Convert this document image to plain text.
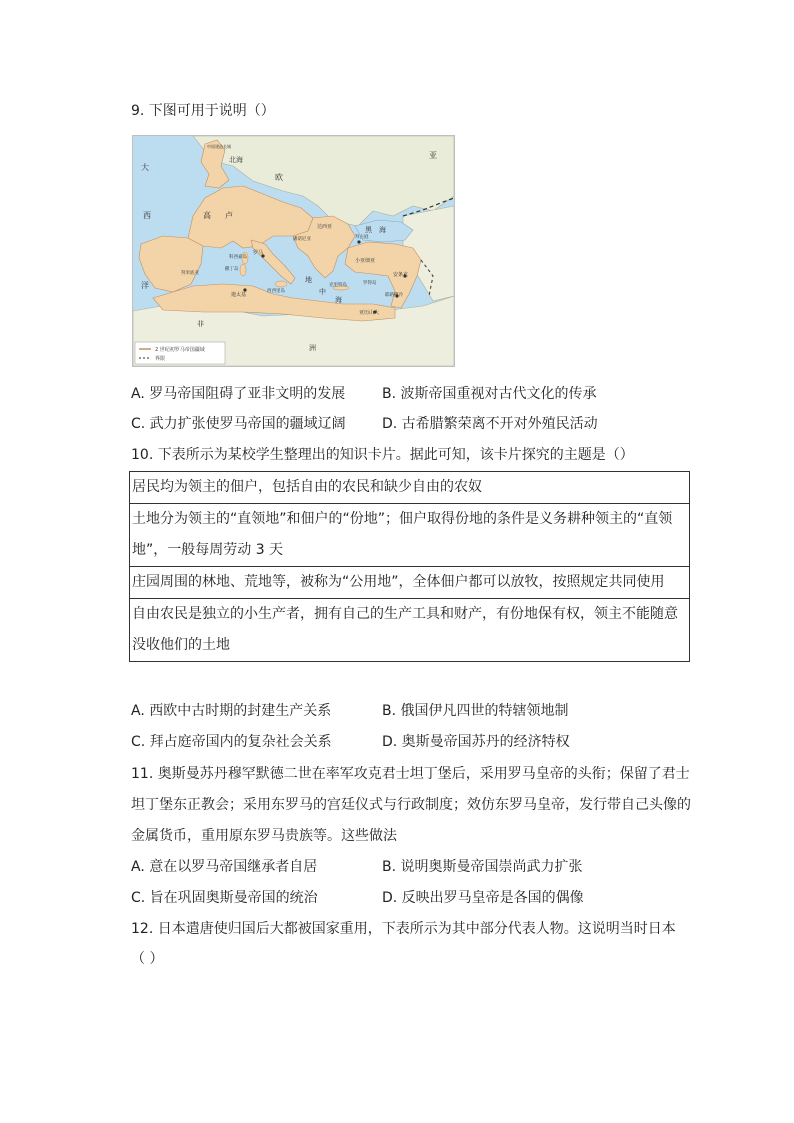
9. 下图可用于说明（）
中国建造长城
北海
大
西
洋
欧
高 卢
亚
黑 海
地
中
海
非
洲
罗马
迦太基
达西亚
小亚细亚
亚历山大
安条克
耶路撒冷
拜占庭
西西里岛
撒丁岛
科西嘉岛
罗得岛
克里特岛
努米底亚
潘诺尼亚
2 世纪初罗马帝国疆域
界限
A. 罗马帝国阻碍了亚非文明的发展	B. 波斯帝国重视对古代文化的传承
C. 武力扩张使罗马帝国的疆域辽阔	D. 古希腊繁荣离不开对外殖民活动
10. 下表所示为某校学生整理出的知识卡片。据此可知，该卡片探究的主题是（）
居民均为领主的佃户，包括自由的农民和缺少自由的农奴
土地分为领主的“直领地”和佃户的“份地”；佃户取得份地的条件是义务耕种领主的“直领地”，一般每周劳动 3 天
庄园周围的林地、荒地等，被称为“公用地”，全体佃户都可以放牧，按照规定共同使用
自由农民是独立的小生产者，拥有自己的生产工具和财产，有份地保有权，领主不能随意没收他们的土地
A. 西欧中古时期的封建生产关系	B. 俄国伊凡四世的特辖领地制
C. 拜占庭帝国内的复杂社会关系	D. 奥斯曼帝国苏丹的经济特权
11. 奥斯曼苏丹穆罕默德二世在率军攻克君士坦丁堡后，采用罗马皇帝的头衔；保留了君士
坦丁堡东正教会；采用东罗马的宫廷仪式与行政制度；效仿东罗马皇帝，发行带自己头像的
金属货币，重用原东罗马贵族等。这些做法
A. 意在以罗马帝国继承者自居	B. 说明奥斯曼帝国崇尚武力扩张
C. 旨在巩固奥斯曼帝国的统治	D. 反映出罗马皇帝是各国的偶像
12. 日本遣唐使归国后大都被国家重用，下表所示为其中部分代表人物。这说明当时日本
（ ）
